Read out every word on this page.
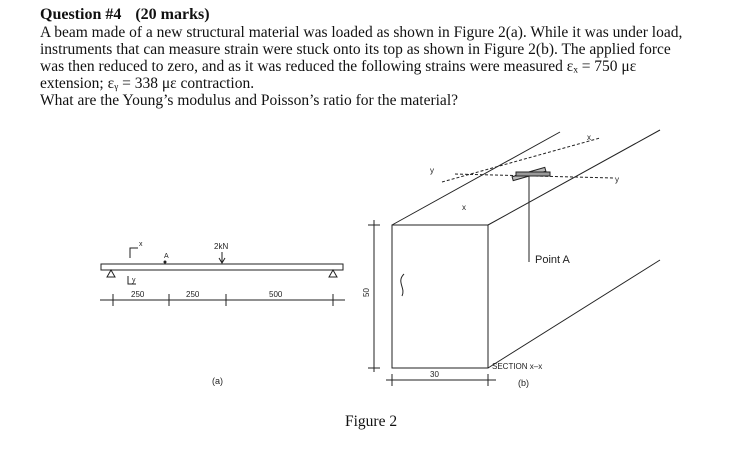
Question #4 (20 marks)
A beam made of a new structural material was loaded as shown in Figure 2(a). While it was under load,
instruments that can measure strain were stuck onto its top as shown in Figure 2(b). The applied force
was then reduced to zero, and as it was reduced the following strains were measured εₓ = 750 με
extension; εᵧ = 338 με contraction.
What are the Young’s modulus and Poisson’s ratio for the material?
2kN
A
x
y
250	250	500
(a)
y
y
x
x
Point A
50
30
SECTION x–x
(b)
Figure 2
